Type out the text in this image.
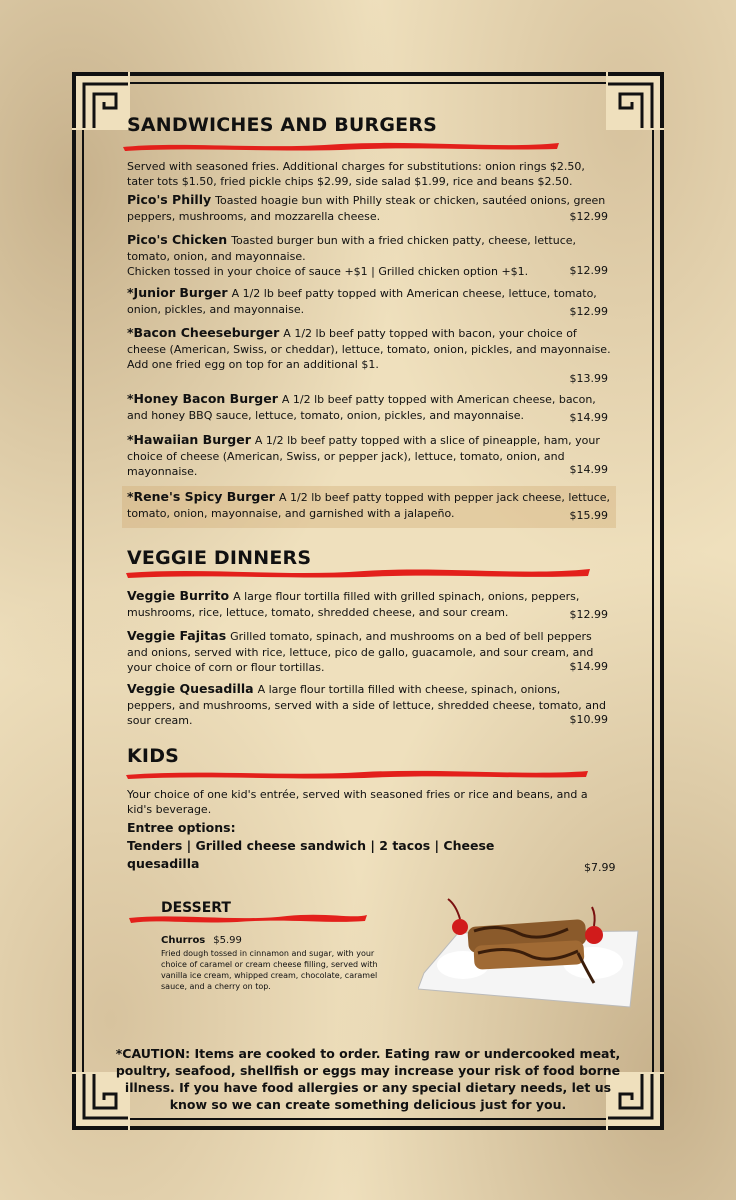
SANDWICHES AND BURGERS
Served with seasoned fries. Additional charges for substitutions: onion rings $2.50, tater tots $1.50, fried pickle chips $2.99, side salad $1.99, rice and beans $2.50.
Pico's Philly Toasted hoagie bun with Philly steak or chicken, sautéed onions, green peppers, mushrooms, and mozzarella cheese.	$12.99
Pico's Chicken Toasted burger bun with a fried chicken patty, cheese, lettuce, tomato, onion, and mayonnaise.
Chicken tossed in your choice of sauce +$1 | Grilled chicken option +$1.	$12.99
*Junior Burger A 1/2 lb beef patty topped with American cheese, lettuce, tomato, onion, pickles, and mayonnaise.	$12.99
*Bacon Cheeseburger A 1/2 lb beef patty topped with bacon, your choice of cheese (American, Swiss, or cheddar), lettuce, tomato, onion, pickles, and mayonnaise.
Add one fried egg on top for an additional $1.
$13.99
*Honey Bacon Burger A 1/2 lb beef patty topped with American cheese, bacon, and honey BBQ sauce, lettuce, tomato, onion, pickles, and mayonnaise.	$14.99
*Hawaiian Burger A 1/2 lb beef patty topped with a slice of pineapple, ham, your choice of cheese (American, Swiss, or pepper jack), lettuce, tomato, onion, and mayonnaise.	$14.99
*Rene's Spicy Burger A 1/2 lb beef patty topped with pepper jack cheese, lettuce, tomato, onion, mayonnaise, and garnished with a jalapeño.	$15.99
VEGGIE DINNERS
Veggie Burrito A large flour tortilla filled with grilled spinach, onions, peppers, mushrooms, rice, lettuce, tomato, shredded cheese, and sour cream.	$12.99
Veggie Fajitas Grilled tomato, spinach, and mushrooms on a bed of bell peppers and onions, served with rice, lettuce, pico de gallo, guacamole, and sour cream, and your choice of corn or flour tortillas.	$14.99
Veggie Quesadilla A large flour tortilla filled with cheese, spinach, onions, peppers, and mushrooms, served with a side of lettuce, shredded cheese, tomato, and sour cream.	$10.99
KIDS
Your choice of one kid's entrée, served with seasoned fries or rice and beans, and a kid's beverage.
Entree options:
Tenders | Grilled cheese sandwich | 2 tacos | Cheese quesadilla	$7.99
DESSERT
Churros $5.99
Fried dough tossed in cinnamon and sugar, with your choice of caramel or cream cheese filling, served with vanilla ice cream, whipped cream, chocolate, caramel sauce, and a cherry on top.
*CAUTION: Items are cooked to order. Eating raw or undercooked meat, poultry, seafood, shellfish or eggs may increase your risk of food borne illness. If you have food allergies or any special dietary needs, let us know so we can create something delicious just for you.
